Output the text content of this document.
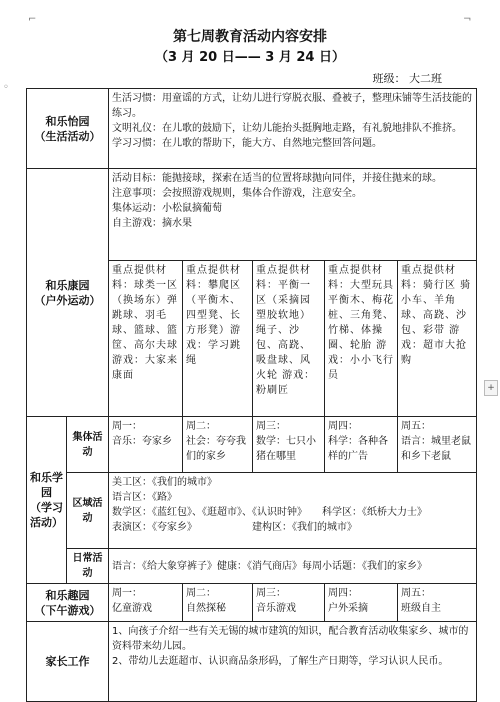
⌐	¬
◦
+
第七周教育活动内容安排
（3 月 20 日—— 3 月 24 日）
班级： 大二班
和乐怡园
（生活活动）		生活习惯：用童谣的方式，让幼儿进行穿脱衣服、叠被子，整理床铺等生活技能的练习。
文明礼仪：在儿歌的鼓励下，让幼儿能抬头挺胸地走路，有礼貌地排队不推挤。
学习习惯：在儿歌的帮助下，能大方、自然地完整回答问题。				

和乐康园
（户外运动）		活动目标：能抛接球，探索在适当的位置将球抛向同伴，并接住抛来的球。
注意事项：会按照游戏规则，集体合作游戏，注意安全。
集体运动：小松鼠摘葡萄
自主游戏：摘水果				

		重点提供材料：球类一区（换场东）弹跳球、羽毛球、篮球、篮筐、高尔夫球 游戏：大家来康面	重点提供材料：攀爬区（平衡木、四型凳、长方形凳）游戏：学习跳绳	重点提供材料：平衡一区（采摘园塑胶软地）绳子、沙包、高跷、吸盘球、风火轮 游戏：粉刷匠	重点提供材料：大型玩具平衡木、梅花桩、三角凳、竹梯、体操圈、轮胎 游戏：小小飞行员	重点提供材料：骑行区 骑小车、羊角球、高跷、沙包、彩带 游戏：超市大抢购

和乐学园
（学习活动）	集体活动	周一：
音乐：夸家乡	周二：
社会：夸夸我们的家乡	周三：
数学：七只小猪在哪里	周四：
科学：各种各样的广告	周五：
语言：城里老鼠和乡下老鼠
	区域活动	美工区：《我们的城市》
语言区：《路》
数学区：《蓝红包》、《逛超市》、《认识时钟》　　科学区：《纸桥大力士》
表演区：《夸家乡》　　　　　　建构区：《我们的城市》				

	日常活动	语言：《给大象穿裤子》健康：《消气商店》每周小话题：《我们的家乡》				

和乐趣园
（下午游戏）		周一：
亿童游戏	周二：
自然探秘	周三：
音乐游戏	周四：
户外采摘	周五：
班级自主
家长工作		1、向孩子介绍一些有关无锡的城市建筑的知识，配合教育活动收集家乡、城市的资料带来幼儿园。
2、带幼儿去逛超市、认识商品条形码，了解生产日期等，学习认识人民币。				
